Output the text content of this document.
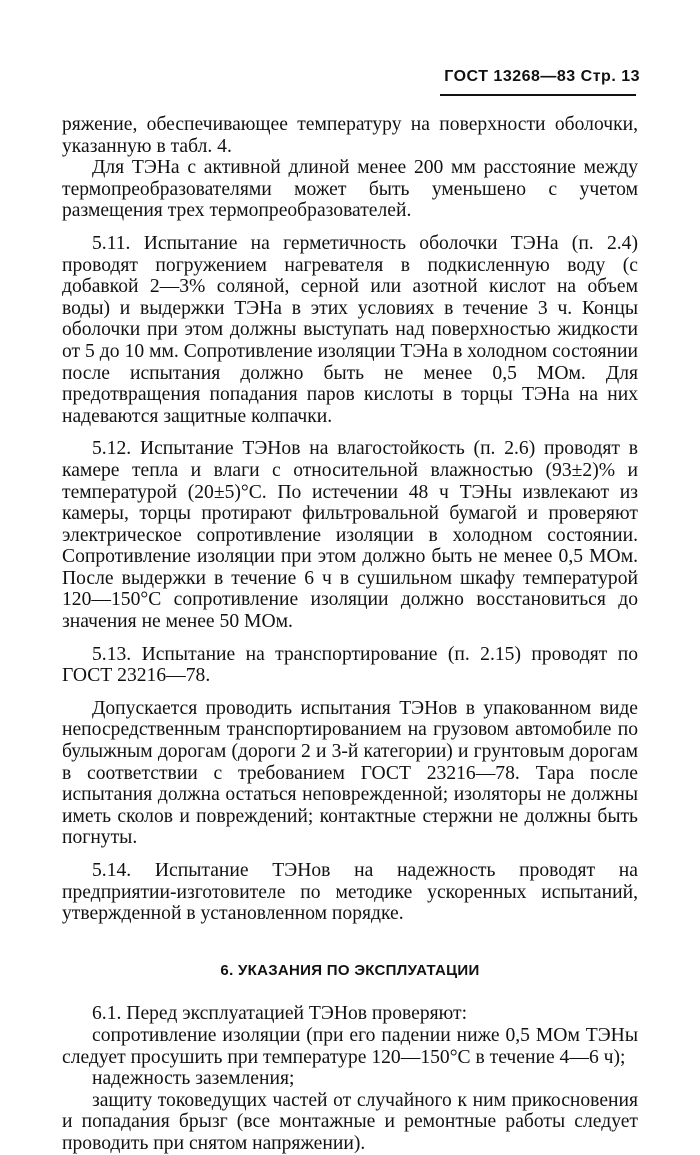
ГОСТ 13268—83 Стр. 13

ряжение, обеспечивающее температуру на поверхности оболочки, указанную в табл. 4.

Для ТЭНа с активной длиной менее 200 мм расстояние между термопреобразователями может быть уменьшено с учетом размещения трех термопреобразователей.

5.11. Испытание на герметичность оболочки ТЭНа (п. 2.4) проводят погружением нагревателя в подкисленную воду (с добавкой 2—3% соляной, серной или азотной кислот на объем воды) и выдержки ТЭНа в этих условиях в течение 3 ч. Концы оболочки при этом должны выступать над поверхностью жидкости от 5 до 10 мм. Сопротивление изоляции ТЭНа в холодном состоянии после испытания должно быть не менее 0,5 МОм. Для предотвращения попадания паров кислоты в торцы ТЭНа на них надеваются защитные колпачки.

5.12. Испытание ТЭНов на влагостойкость (п. 2.6) проводят в камере тепла и влаги с относительной влажностью (93±2)% и температурой (20±5)°С. По истечении 48 ч ТЭНы извлекают из камеры, торцы протирают фильтровальной бумагой и проверяют электрическое сопротивление изоляции в холодном состоянии. Сопротивление изоляции при этом должно быть не менее 0,5 МОм. После выдержки в течение 6 ч в сушильном шкафу температурой 120—150°С сопротивление изоляции должно восстановиться до значения не менее 50 МОм.

5.13. Испытание на транспортирование (п. 2.15) проводят по ГОСТ 23216—78.

Допускается проводить испытания ТЭНов в упакованном виде непосредственным транспортированием на грузовом автомобиле по булыжным дорогам (дороги 2 и 3-й категории) и грунтовым дорогам в соответствии с требованием ГОСТ 23216—78. Тара после испытания должна остаться неповрежденной; изоляторы не должны иметь сколов и повреждений; контактные стержни не должны быть погнуты.

5.14. Испытание ТЭНов на надежность проводят на предприятии-изготовителе по методике ускоренных испытаний, утвержденной в установленном порядке.

6. УКАЗАНИЯ ПО ЭКСПЛУАТАЦИИ

6.1. Перед эксплуатацией ТЭНов проверяют:

сопротивление изоляции (при его падении ниже 0,5 МОм ТЭНы следует просушить при температуре 120—150°С в течение 4—6 ч);

надежность заземления;

защиту токоведущих частей от случайного к ним прикосновения и попадания брызг (все монтажные и ремонтные работы следует проводить при снятом напряжении).
